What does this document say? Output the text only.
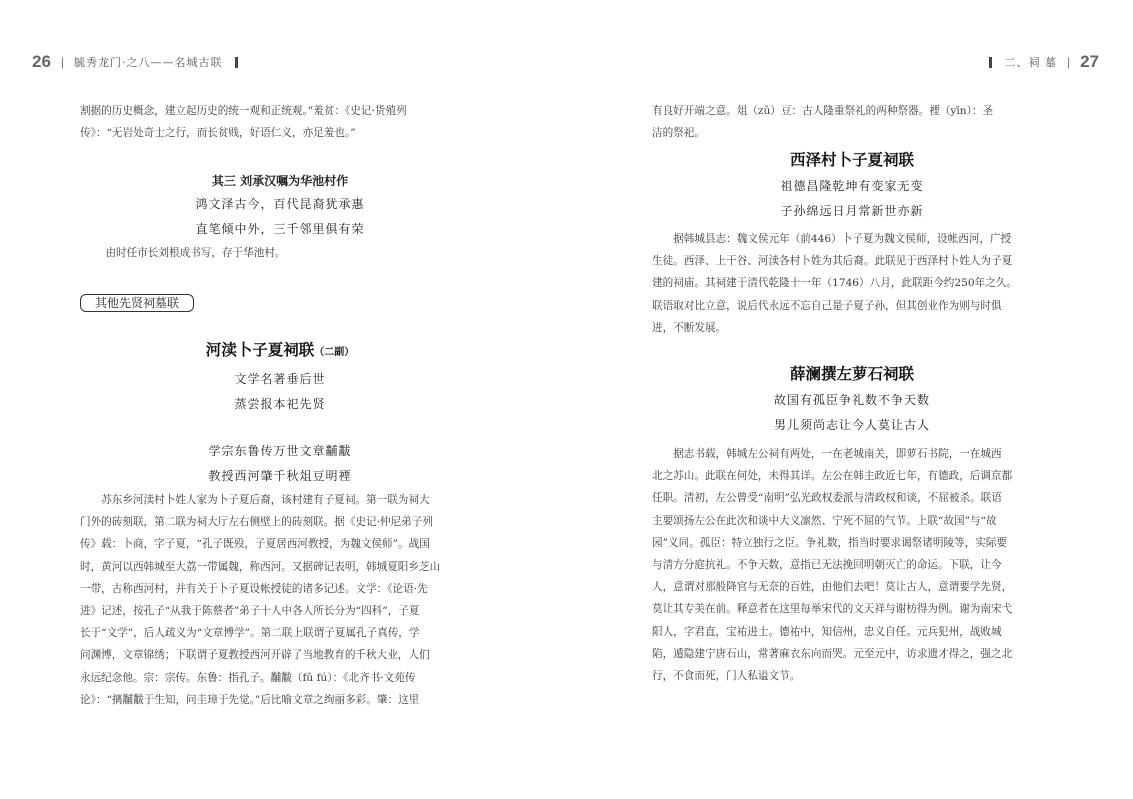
26 | 毓秀龙门·之八——名城古联

割据的历史概念，建立起历史的统一观和正统观。”羞贫：《史记·货殖列

传》：“无岩处奇士之行，而长贫贱，好语仁义，亦足羞也。”

其三 刘承汉嘱为华池村作
鸿文泽古今，百代昆裔犹承惠
直笔倾中外，三千邻里俱有荣

由时任市长刘根成书写，存于华池村。

其他先贤祠墓联
河渎卜子夏祠联（二副）
文学名著垂后世
蒸尝报本祀先贤
学宗东鲁传万世文章黼黻
教授西河肇千秋俎豆明禋

苏东乡河渎村卜姓人家为卜子夏后裔，该村建有子夏祠。第一联为祠大

门外的砖刻联，第二联为祠大厅左右侧壁上的砖刻联。据《史记·仲尼弟子列

传》载：卜商，字子夏，“孔子既殁，子夏居西河教授，为魏文侯师”。战国

时，黄河以西韩城至大荔一带属魏，称西河。又据碑记表明，韩城夏阳乡芝山

一带，古称西河村，并有关于卜子夏设帐授徒的诸多记述。文学：《论语·先

进》记述，按孔子“从我于陈蔡者”弟子十人中各人所长分为“四科”，子夏

长于“文学”，后人疏义为“文章博学”。第二联上联谓子夏属孔子真传，学

问渊博，文章锦绣；下联谓子夏教授西河开辟了当地教育的千秋大业，人们

永远纪念他。宗：宗传。东鲁：指孔子。黼黻（fǔ fú）：《北齐书·文苑传

论》：“摛黼黻于生知，问圭璋于先觉。”后比喻文章之绚丽多彩。肇：这里

二、祠 墓 | 27

有良好开端之意。俎（zǔ）豆：古人隆重祭礼的两种祭器。禋（yīn）：圣

洁的祭祀。

西泽村卜子夏祠联
祖德昌隆乾坤有变家无变
子孙绵远日月常新世亦新

据韩城县志：魏文侯元年（前446）卜子夏为魏文侯师，设帐西河，广授

生徒。西泽、上干谷、河渎各村卜姓为其后裔。此联见于西泽村卜姓人为子夏

建的祠庙。其祠建于清代乾隆十一年（1746）八月，此联距今约250年之久。

联语取对比立意，说后代永远不忘自己是子夏子孙，但其创业作为则与时俱

进，不断发展。

薛澜撰左萝石祠联
故国有孤臣争礼数不争天数
男儿须尚志让今人莫让古人

据志书载，韩城左公祠有两处，一在老城南关，即萝石书院，一在城西

北之苏山。此联在何处，未得其详。左公在韩主政近七年，有德政，后调京都

任职。清初，左公曾受“南明”弘光政权委派与清政权和谈，不屈被杀。联语

主要颂扬左公在此次和谈中大义凛然、宁死不屈的气节。上联“故国”与“故

园”义同。孤臣：特立独行之臣。争礼数，指当时要求谒祭诸明陵等，实际要

与清方分庭抗礼。不争天数，意指已无法挽回明朝灭亡的命运。下联，让今

人，意谓对那般降官与无奈的百姓，由他们去吧！莫让古人，意谓要学先贤，

莫让其专美在前。释意者在这里每举宋代的文天祥与谢枋得为例。谢为南宋弋

阳人，字君直，宝祐进士。德祐中，知信州，忠义自任。元兵犯州，战败城

陷，遁隐建宁唐石山，常著麻衣东向而哭。元至元中，访求遗才得之，强之北

行，不食而死，门人私谥文节。
